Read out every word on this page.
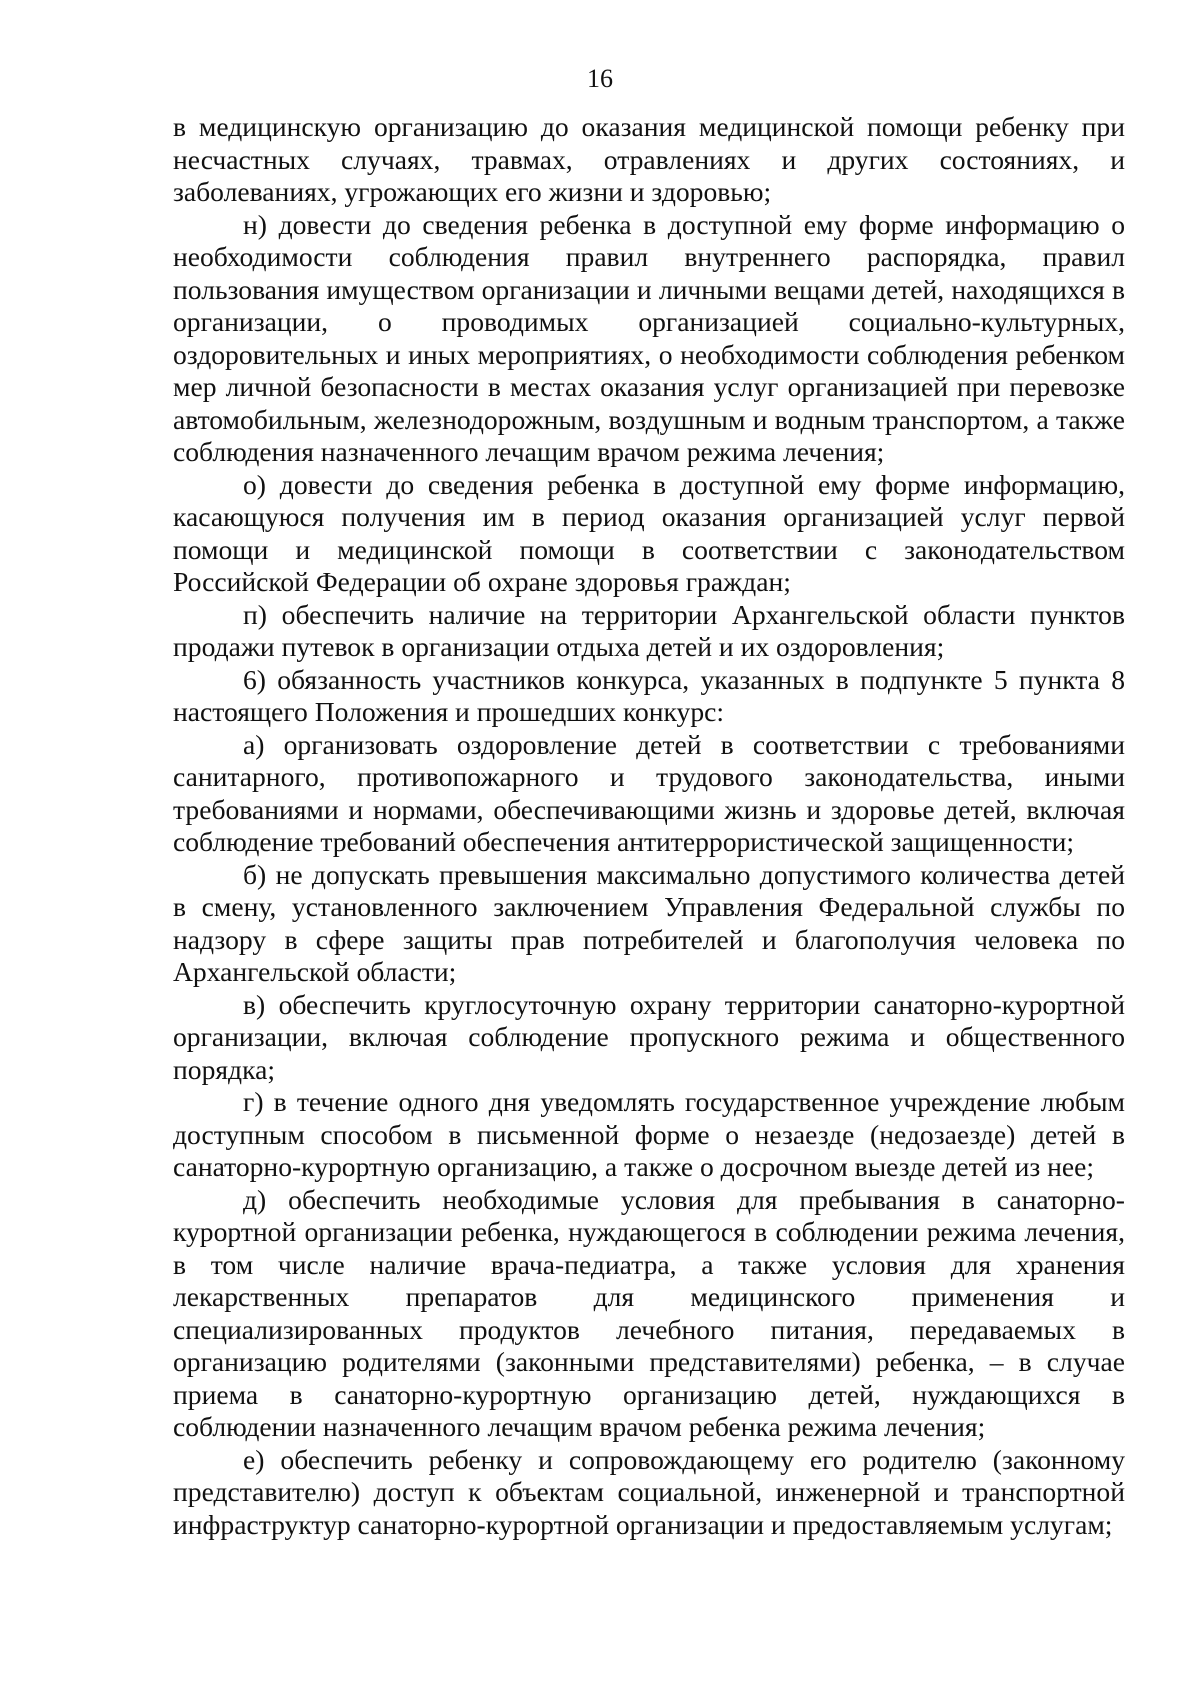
16

в медицинскую организацию до оказания медицинской помощи ребенку при несчастных случаях, травмах, отравлениях и других состояниях, и заболеваниях, угрожающих его жизни и здоровью;

н) довести до сведения ребенка в доступной ему форме информацию о необходимости соблюдения правил внутреннего распорядка, правил пользования имуществом организации и личными вещами детей, находящихся в организации, о проводимых организацией социально-культурных, оздоровительных и иных мероприятиях, о необходимости соблюдения ребенком мер личной безопасности в местах оказания услуг организацией при перевозке автомобильным, железнодорожным, воздушным и водным транспортом, а также соблюдения назначенного лечащим врачом режима лечения;

о) довести до сведения ребенка в доступной ему форме информацию, касающуюся получения им в период оказания организацией услуг первой помощи и медицинской помощи в соответствии с законодательством Российской Федерации об охране здоровья граждан;

п) обеспечить наличие на территории Архангельской области пунктов продажи путевок в организации отдыха детей и их оздоровления;

6) обязанность участников конкурса, указанных в подпункте 5 пункта 8 настоящего Положения и прошедших конкурс:

а) организовать оздоровление детей в соответствии с требованиями санитарного, противопожарного и трудового законодательства, иными требованиями и нормами, обеспечивающими жизнь и здоровье детей, включая соблюдение требований обеспечения антитеррористической защищенности;

б) не допускать превышения максимально допустимого количества детей в смену, установленного заключением Управления Федеральной службы по надзору в сфере защиты прав потребителей и благополучия человека по Архангельской области;

в) обеспечить круглосуточную охрану территории санаторно-курортной организации, включая соблюдение пропускного режима и общественного порядка;

г) в течение одного дня уведомлять государственное учреждение любым доступным способом в письменной форме о незаезде (недозаезде) детей в санаторно-курортную организацию, а также о досрочном выезде детей из нее;

д) обеспечить необходимые условия для пребывания в санаторно-курортной организации ребенка, нуждающегося в соблюдении режима лечения, в том числе наличие врача-педиатра, а также условия для хранения лекарственных препаратов для медицинского применения и специализированных продуктов лечебного питания, передаваемых в организацию родителями (законными представителями) ребенка, – в случае приема в санаторно-курортную организацию детей, нуждающихся в соблюдении назначенного лечащим врачом ребенка режима лечения;

е) обеспечить ребенку и сопровождающему его родителю (законному представителю) доступ к объектам социальной, инженерной и транспортной инфраструктур санаторно-курортной организации и предоставляемым услугам;
